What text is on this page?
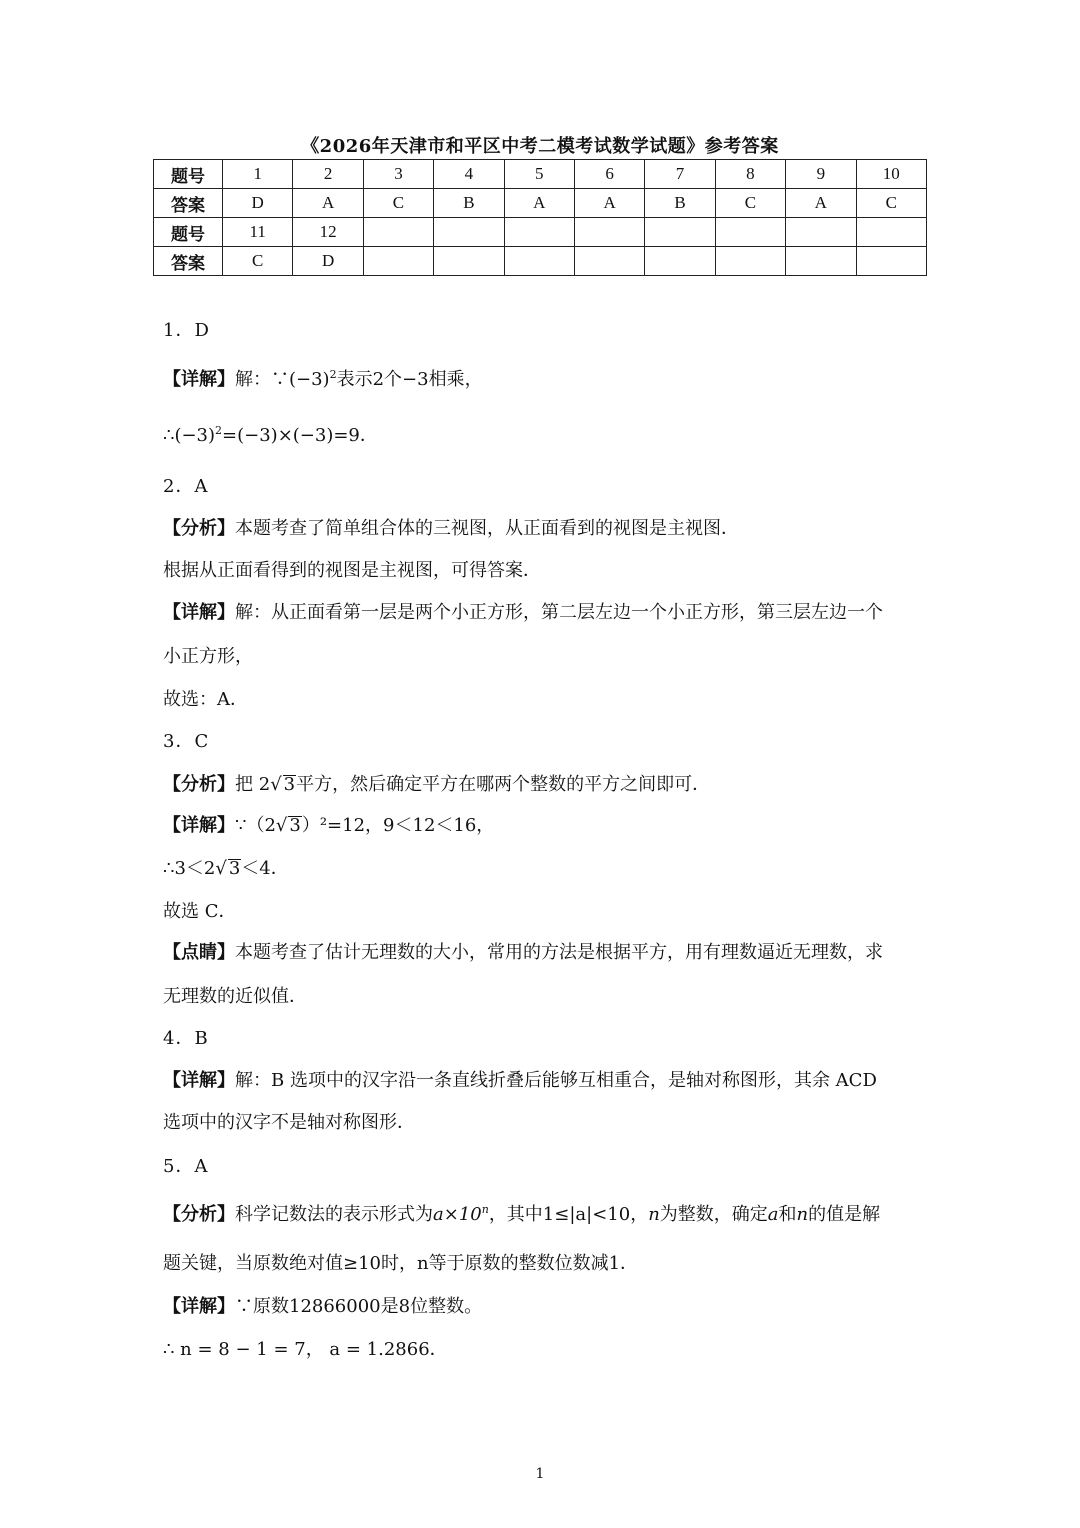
《2026年天津市和平区中考二模考试数学试题》参考答案
题号	1	2	3	4	5	6	7	8	9	10
答案	D	A	C	B	A	A	B	C	A	C
题号	11	12								
答案	C	D								
1．D
【详解】解：$\because(-3)^2$表示2个−3相乘，
$\therefore(-3)^2=(-3)\times(-3)=9$．
2．A
【分析】本题考查了简单组合体的三视图，从正面看到的视图是主视图．
根据从正面看得到的视图是主视图，可得答案．
【详解】解：从正面看第一层是两个小正方形，第二层左边一个小正方形，第三层左边一个
小正方形，
故选：A．
3．C
【分析】把 2√ 3平方，然后确定平方在哪两个整数的平方之间即可．
【详解】∵（2√ 3）²=12，9＜12＜16，
∴3＜2√ 3＜4．
故选 C．
【点睛】本题考查了估计无理数的大小，常用的方法是根据平方，用有理数逼近无理数，求
无理数的近似值．
4．B
【详解】解：B 选项中的汉字沿一条直线折叠后能够互相重合，是轴对称图形，其余 ACD
选项中的汉字不是轴对称图形．
5．A
【分析】科学记数法的表示形式为$a\times 10^n$，其中1≤|a|<10，n为整数，确定a和n的值是解
题关键，当原数绝对值≥10时，n等于原数的整数位数减1．
【详解】∵原数12866000是8位整数。
∴ n = 8 − 1 = 7， a = 1.2866．
1
